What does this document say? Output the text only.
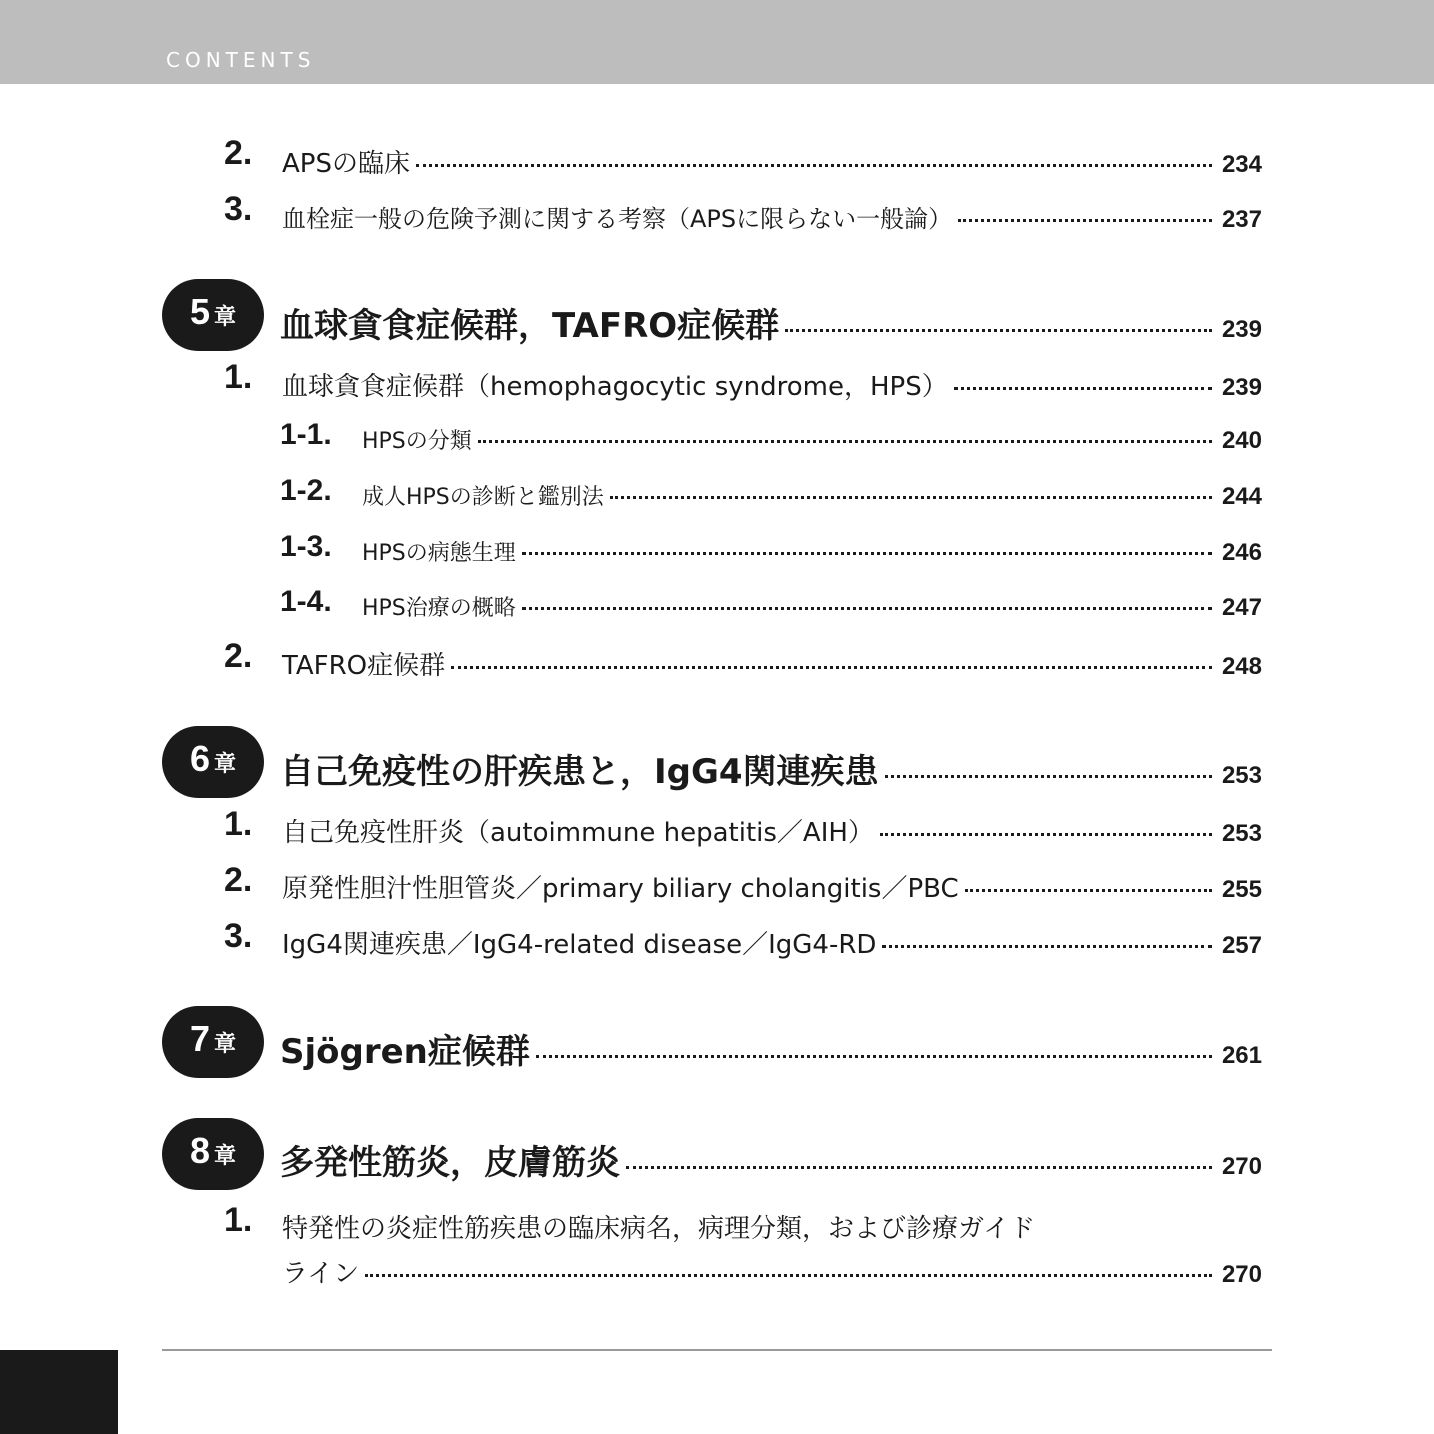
CONTENTS
2. APSの臨床	234
3. 血栓症一般の危険予測に関する考察（APSに限らない一般論）	237
5 章 血球貪食症候群，TAFRO症候群	239
1. 血球貪食症候群（hemophagocytic syndrome，HPS）	239
1-1. HPSの分類	240
1-2. 成人HPSの診断と鑑別法	244
1-3. HPSの病態生理	246
1-4. HPS治療の概略	247
2. TAFRO症候群	248
6 章 自己免疫性の肝疾患と，IgG4関連疾患	253
1. 自己免疫性肝炎（autoimmune hepatitis／AIH）	253
2. 原発性胆汁性胆管炎／primary biliary cholangitis／PBC	255
3. IgG4関連疾患／IgG4-related disease／IgG4-RD	257
7 章 Sjögren症候群	261
8 章 多発性筋炎，皮膚筋炎	270
1. 特発性の炎症性筋疾患の臨床病名，病理分類，および診療ガイド
ライン	270
